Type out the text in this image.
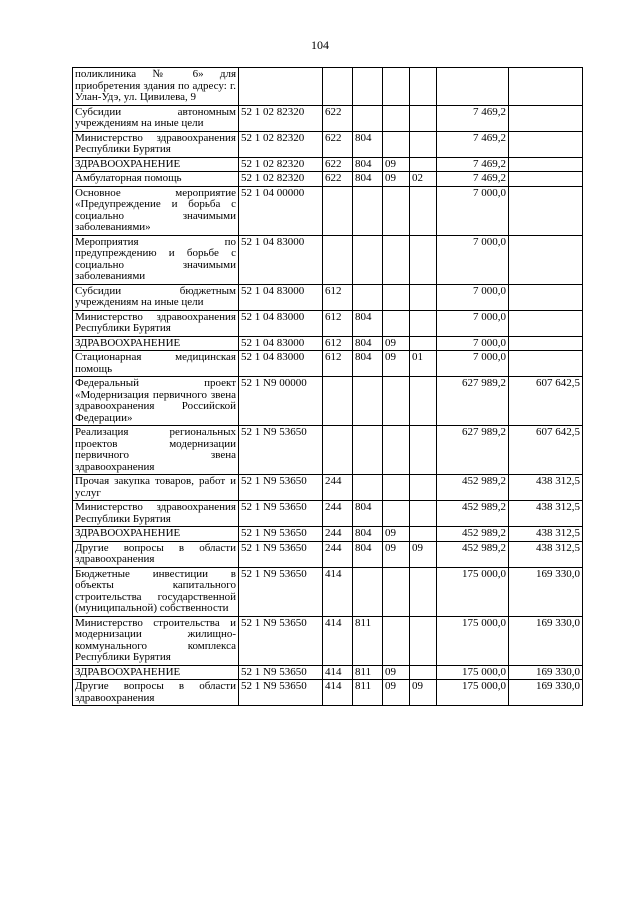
104
поликлиника № 6» для приобретения здания по адресу: г. Улан-Удэ, ул. Цивилева, 9							
Субсидии автономным учреждениям на иные цели	52 1 02 82320	622				7 469,2	
Министерство здравоохранения Республики Бурятия	52 1 02 82320	622	804			7 469,2	
ЗДРАВООХРАНЕНИЕ	52 1 02 82320	622	804	09		7 469,2	
Амбулаторная помощь	52 1 02 82320	622	804	09	02	7 469,2	
Основное мероприятие «Предупреждение и борьба с социально значимыми заболеваниями»	52 1 04 00000					7 000,0	
Мероприятия по предупреждению и борьбе с социально значимыми заболеваниями	52 1 04 83000					7 000,0	
Субсидии бюджетным учреждениям на иные цели	52 1 04 83000	612				7 000,0	
Министерство здравоохранения Республики Бурятия	52 1 04 83000	612	804			7 000,0	
ЗДРАВООХРАНЕНИЕ	52 1 04 83000	612	804	09		7 000,0	
Стационарная медицинская помощь	52 1 04 83000	612	804	09	01	7 000,0	
Федеральный проект «Модернизация первичного звена здравоохранения Российской Федерации»	52 1 N9 00000					627 989,2	607 642,5
Реализация региональных проектов модернизации первичного звена здравоохранения	52 1 N9 53650					627 989,2	607 642,5
Прочая закупка товаров, работ и услуг	52 1 N9 53650	244				452 989,2	438 312,5
Министерство здравоохранения Республики Бурятия	52 1 N9 53650	244	804			452 989,2	438 312,5
ЗДРАВООХРАНЕНИЕ	52 1 N9 53650	244	804	09		452 989,2	438 312,5
Другие вопросы в области здравоохранения	52 1 N9 53650	244	804	09	09	452 989,2	438 312,5
Бюджетные инвестиции в объекты капитального строительства государственной (муниципальной) собственности	52 1 N9 53650	414				175 000,0	169 330,0
Министерство строительства и модернизации жилищно-коммунального комплекса Республики Бурятия	52 1 N9 53650	414	811			175 000,0	169 330,0
ЗДРАВООХРАНЕНИЕ	52 1 N9 53650	414	811	09		175 000,0	169 330,0
Другие вопросы в области здравоохранения	52 1 N9 53650	414	811	09	09	175 000,0	169 330,0
